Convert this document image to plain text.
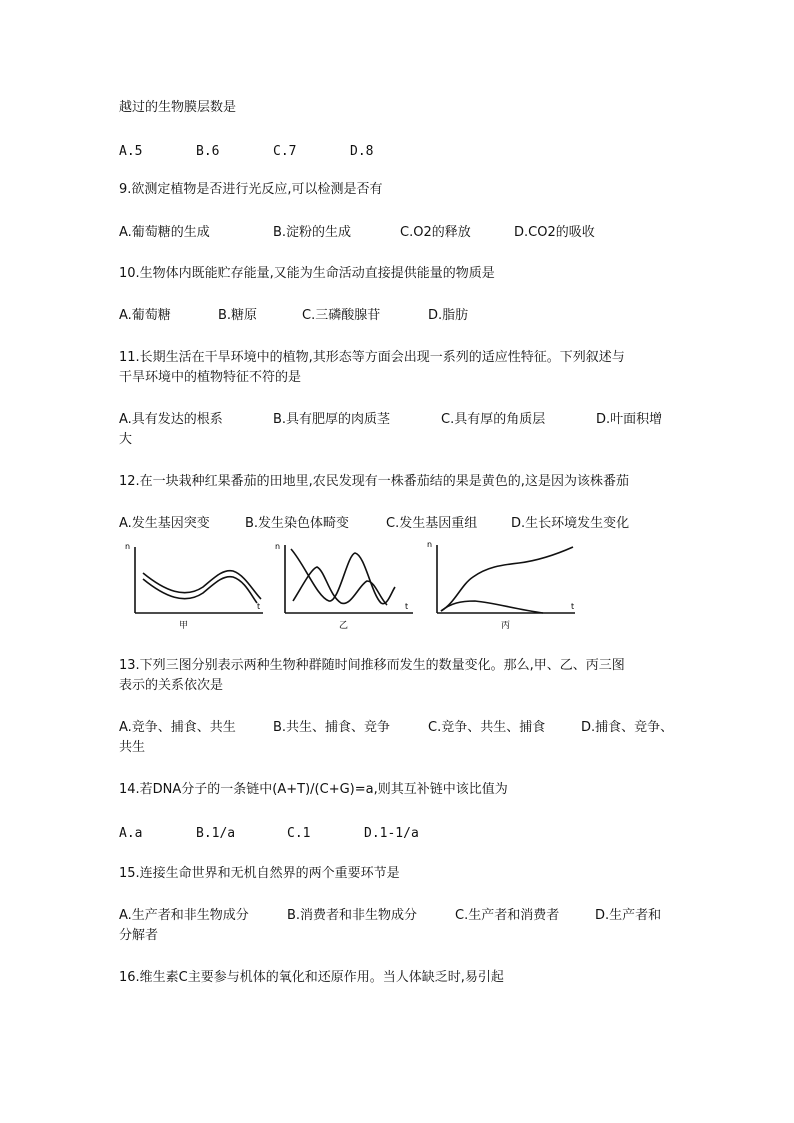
越过的生物膜层数是
A.5	B.6	C.7	D.8
9.欲测定植物是否进行光反应,可以检测是否有
A.葡萄糖的生成	B.淀粉的生成	C.O2的释放	D.CO2的吸收
10.生物体内既能贮存能量,又能为生命活动直接提供能量的物质是
A.葡萄糖	B.糖原	C.三磷酸腺苷	D.脂肪
11.长期生活在干旱环境中的植物,其形态等方面会出现一系列的适应性特征。下列叙述与
干旱环境中的植物特征不符的是
A.具有发达的根系	B.具有肥厚的肉质茎	C.具有厚的角质层	D.叶面积增
大
12.在一块栽种红果番茄的田地里,农民发现有一株番茄结的果是黄色的,这是因为该株番茄
A.发生基因突变	B.发生染色体畸变	C.发生基因重组	D.生长环境发生变化
n
t
n
t
n
t
甲	乙	丙
13.下列三图分别表示两种生物种群随时间推移而发生的数量变化。那么,甲、乙、丙三图
表示的关系依次是
A.竞争、捕食、共生	B.共生、捕食、竞争	C.竞争、共生、捕食	D.捕食、竞争、
共生
14.若DNA分子的一条链中(A+T)/(C+G)=a,则其互补链中该比值为
A.a	B.1/a	C.1	D.1-1/a
15.连接生命世界和无机自然界的两个重要环节是
A.生产者和非生物成分	B.消费者和非生物成分	C.生产者和消费者	D.生产者和
分解者
16.维生素C主要参与机体的氧化和还原作用。当人体缺乏时,易引起
